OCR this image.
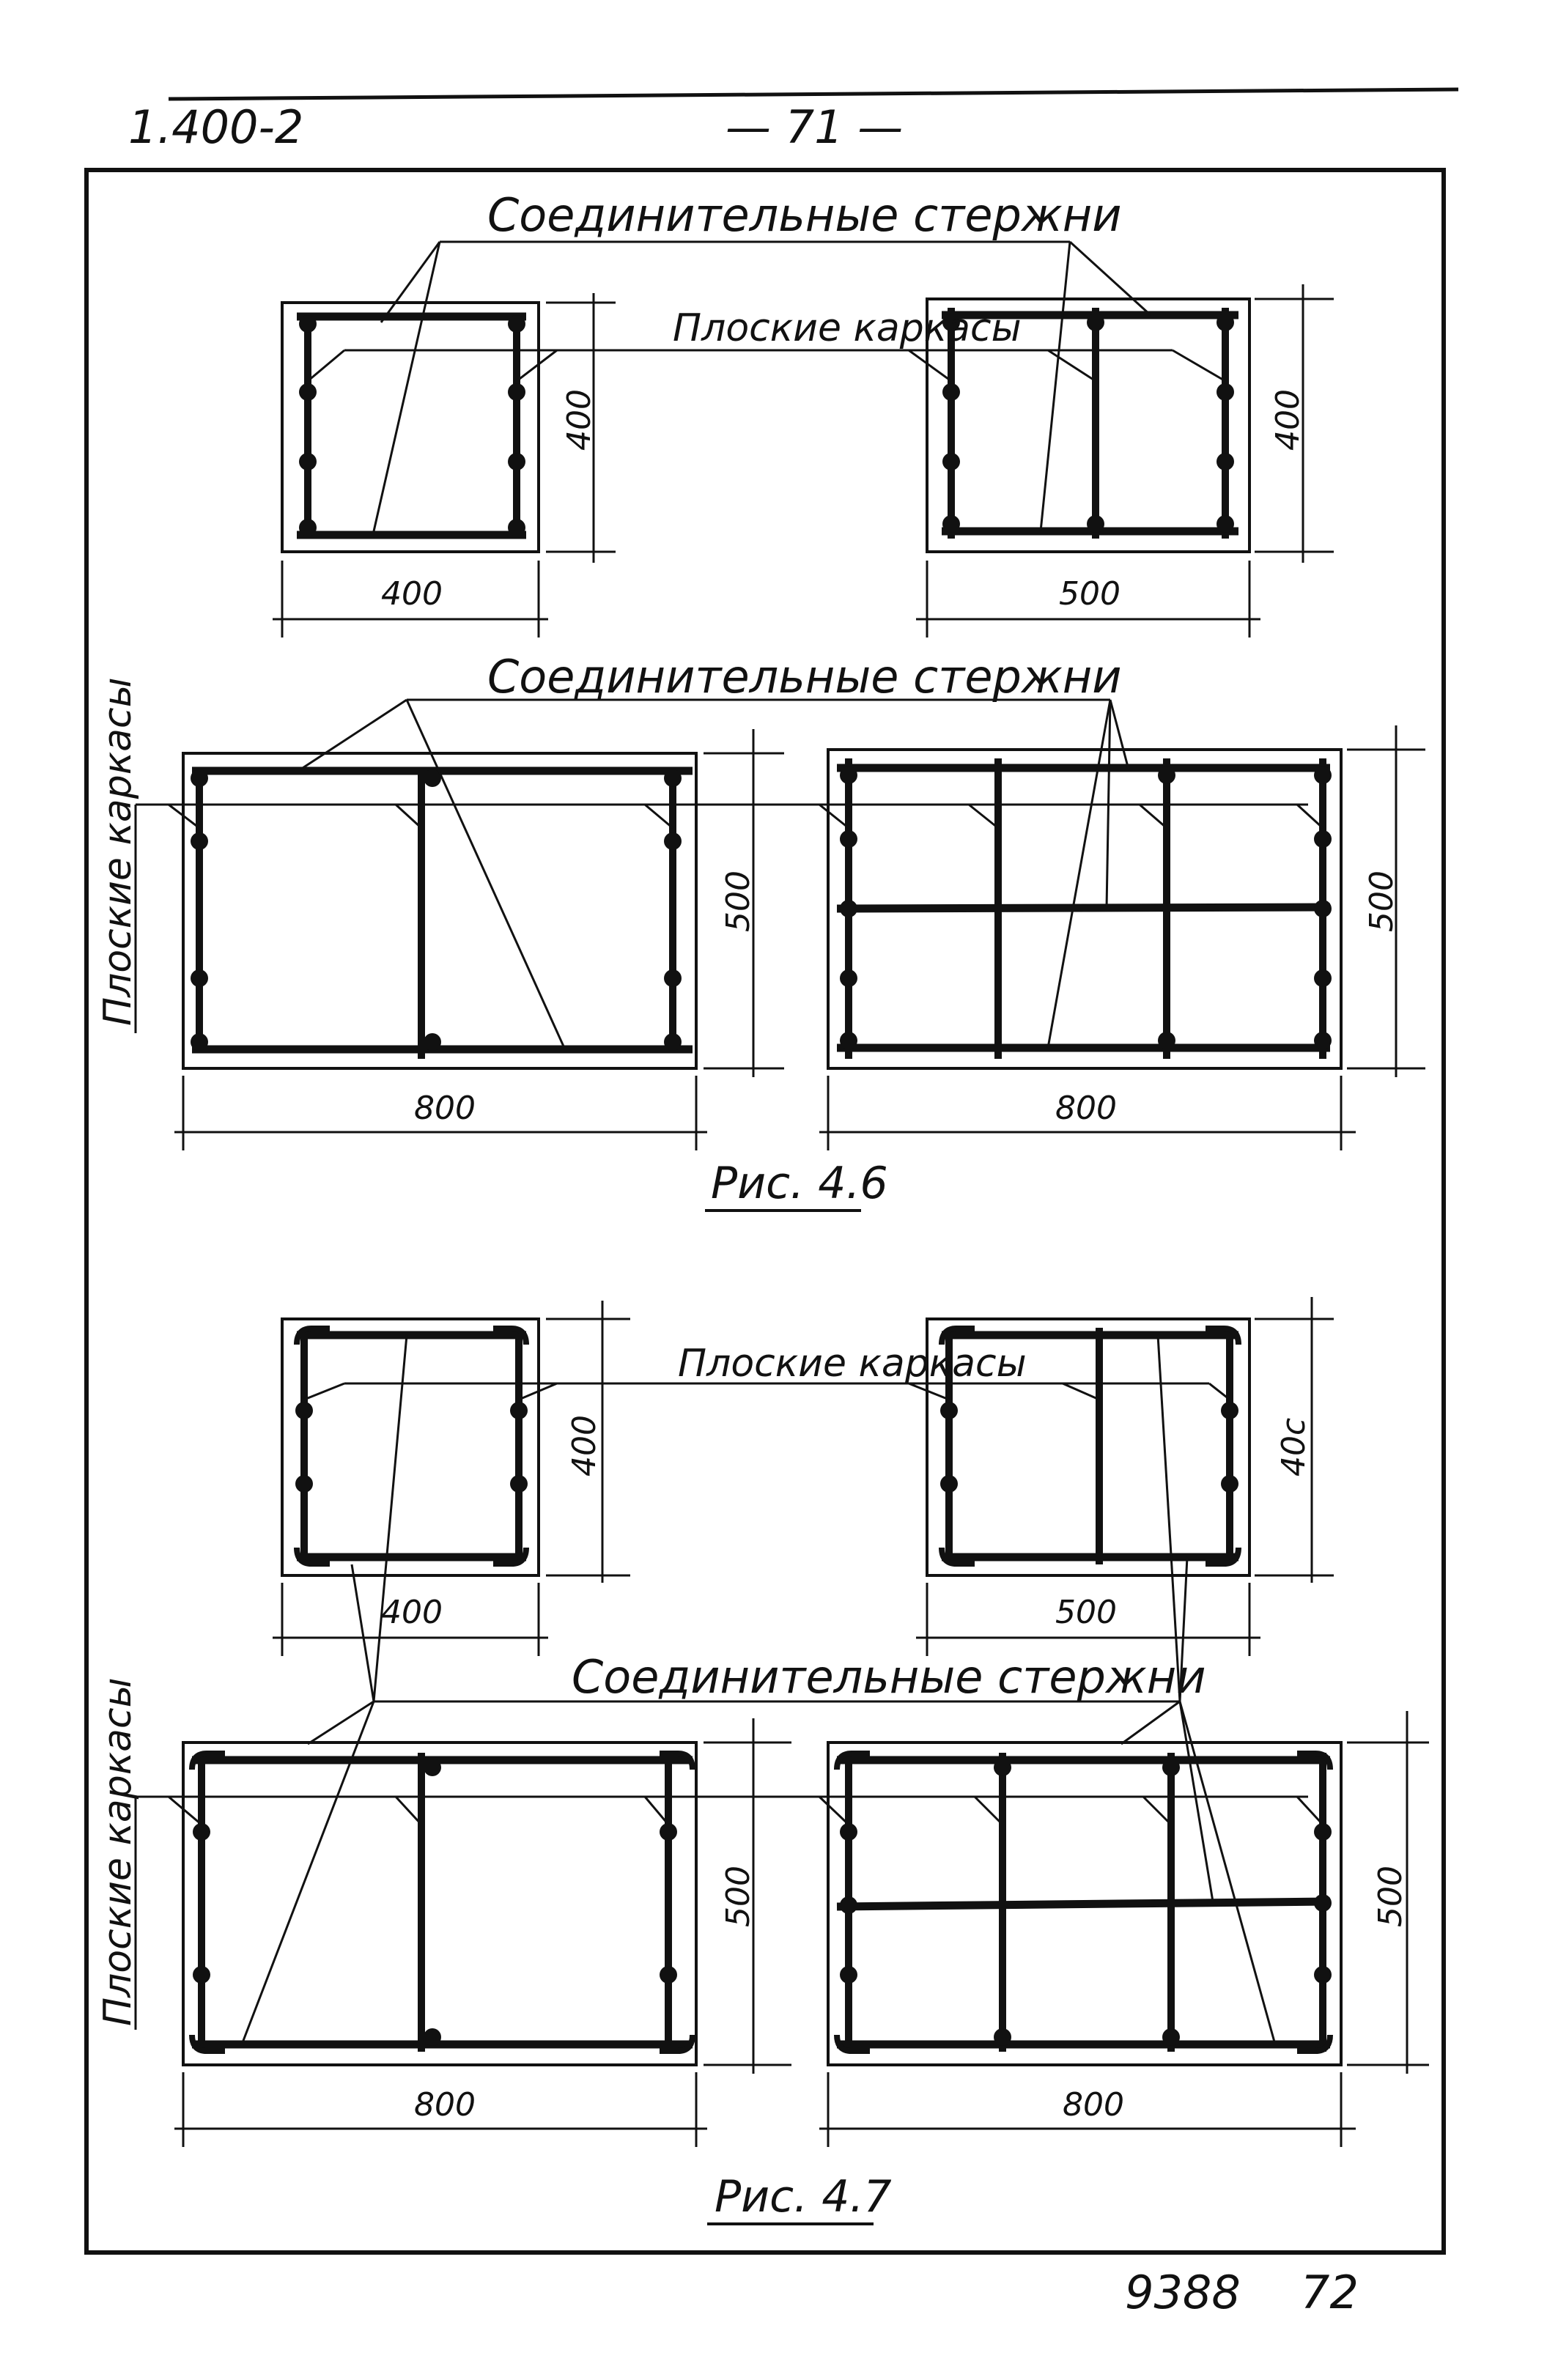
1.400-2	— 71 —
Соединительные стержни
Плоские каркасы
400
400
500
400
Соединительные стержни
Плоские каркасы
800
500
800
500
Рис. 4.6
Плоские каркасы
400
400
500
40c
Соединительные стержни
Плоские каркасы
800
500
800
500
Рис. 4.7
9388 72
